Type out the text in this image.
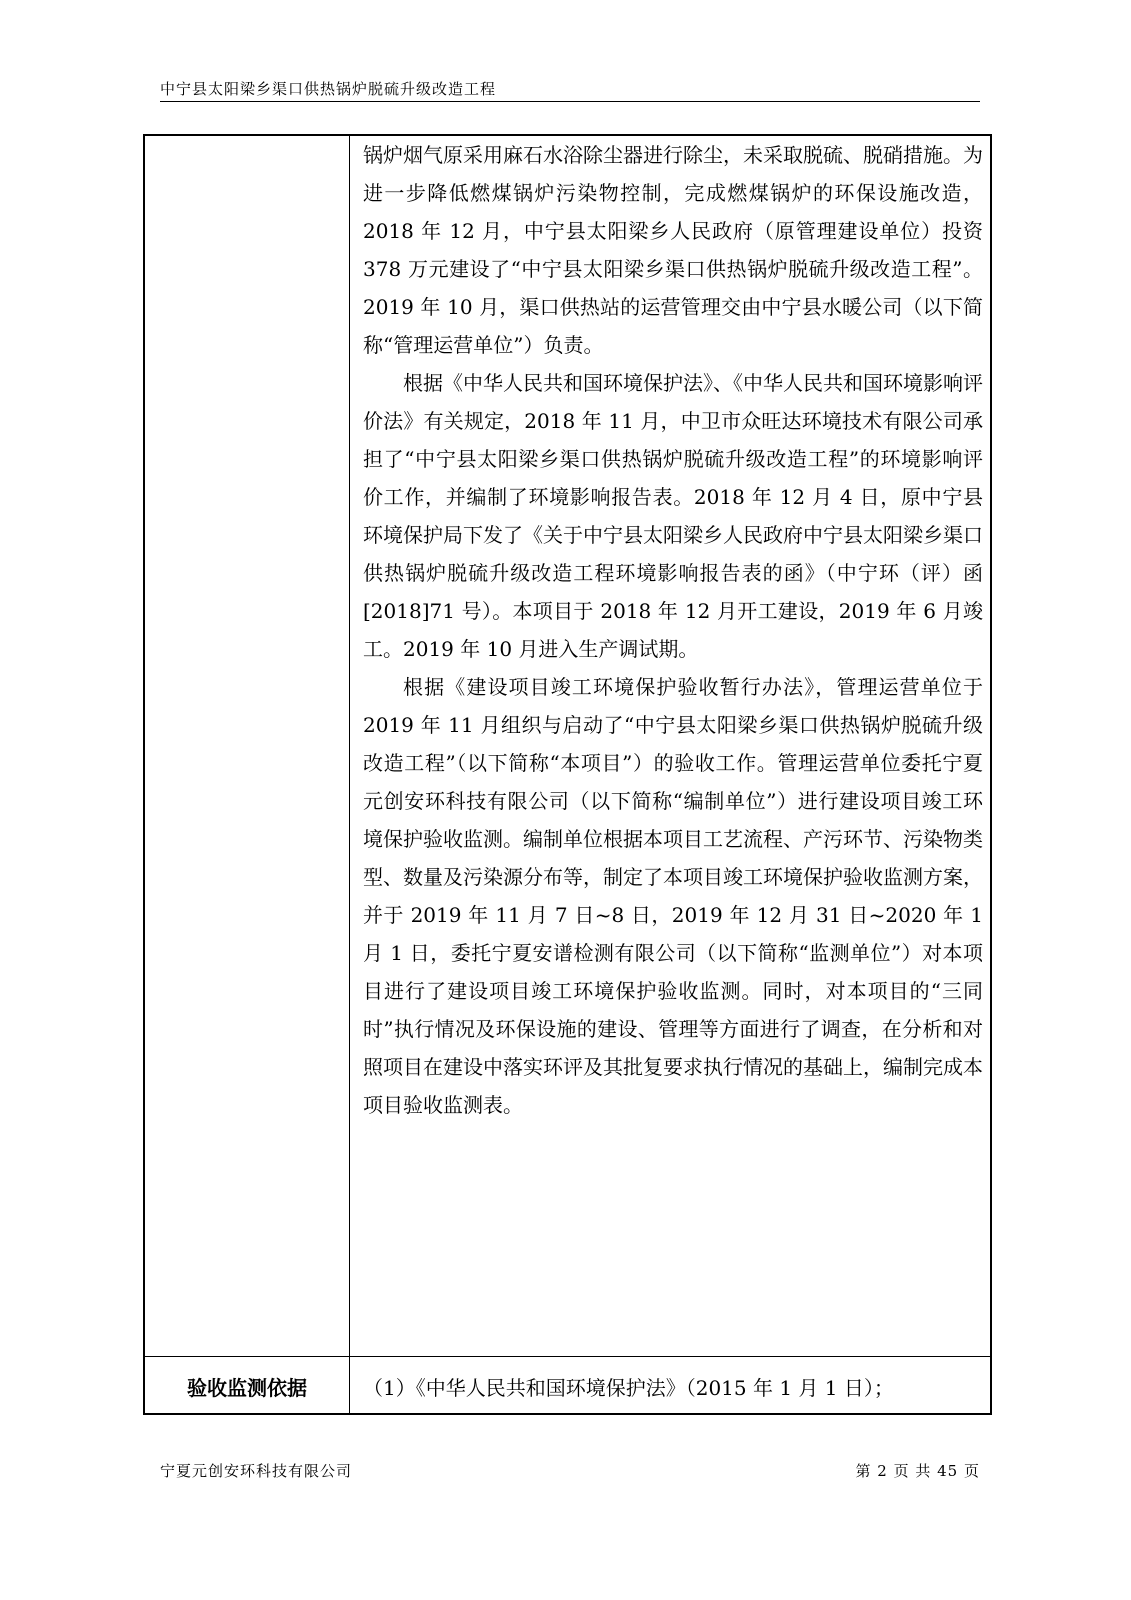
中宁县太阳梁乡渠口供热锅炉脱硫升级改造工程

锅炉烟气原采用麻石水浴除尘器进行除尘，未采取脱硫、脱硝措施。为进一步降低燃煤锅炉污染物控制，完成燃煤锅炉的环保设施改造，2018 年 12 月，中宁县太阳梁乡人民政府（原管理建设单位）投资 378 万元建设了“中宁县太阳梁乡渠口供热锅炉脱硫升级改造工程”。2019 年 10 月，渠口供热站的运营管理交由中宁县水暖公司（以下简称“管理运营单位”）负责。

根据《中华人民共和国环境保护法》、《中华人民共和国环境影响评价法》有关规定，2018 年 11 月，中卫市众旺达环境技术有限公司承担了“中宁县太阳梁乡渠口供热锅炉脱硫升级改造工程”的环境影响评价工作，并编制了环境影响报告表。2018 年 12 月 4 日，原中宁县环境保护局下发了《关于中宁县太阳梁乡人民政府中宁县太阳梁乡渠口供热锅炉脱硫升级改造工程环境影响报告表的函》（中宁环（评）函[2018]71 号）。本项目于 2018 年 12 月开工建设，2019 年 6 月竣工。2019 年 10 月进入生产调试期。

根据《建设项目竣工环境保护验收暂行办法》，管理运营单位于 2019 年 11 月组织与启动了“中宁县太阳梁乡渠口供热锅炉脱硫升级改造工程”（以下简称“本项目”）的验收工作。管理运营单位委托宁夏元创安环科技有限公司（以下简称“编制单位”）进行建设项目竣工环境保护验收监测。编制单位根据本项目工艺流程、产污环节、污染物类型、数量及污染源分布等，制定了本项目竣工环境保护验收监测方案，并于 2019 年 11 月 7 日~8 日，2019 年 12 月 31 日~2020 年 1 月 1 日，委托宁夏安谱检测有限公司（以下简称“监测单位”）对本项目进行了建设项目竣工环境保护验收监测。同时，对本项目的“三同时”执行情况及环保设施的建设、管理等方面进行了调查，在分析和对照项目在建设中落实环评及其批复要求执行情况的基础上，编制完成本项目验收监测表。

验收监测依据	（1）《中华人民共和国环境保护法》（2015 年 1 月 1 日）；
宁夏元创安环科技有限公司	第 2 页 共 45 页
